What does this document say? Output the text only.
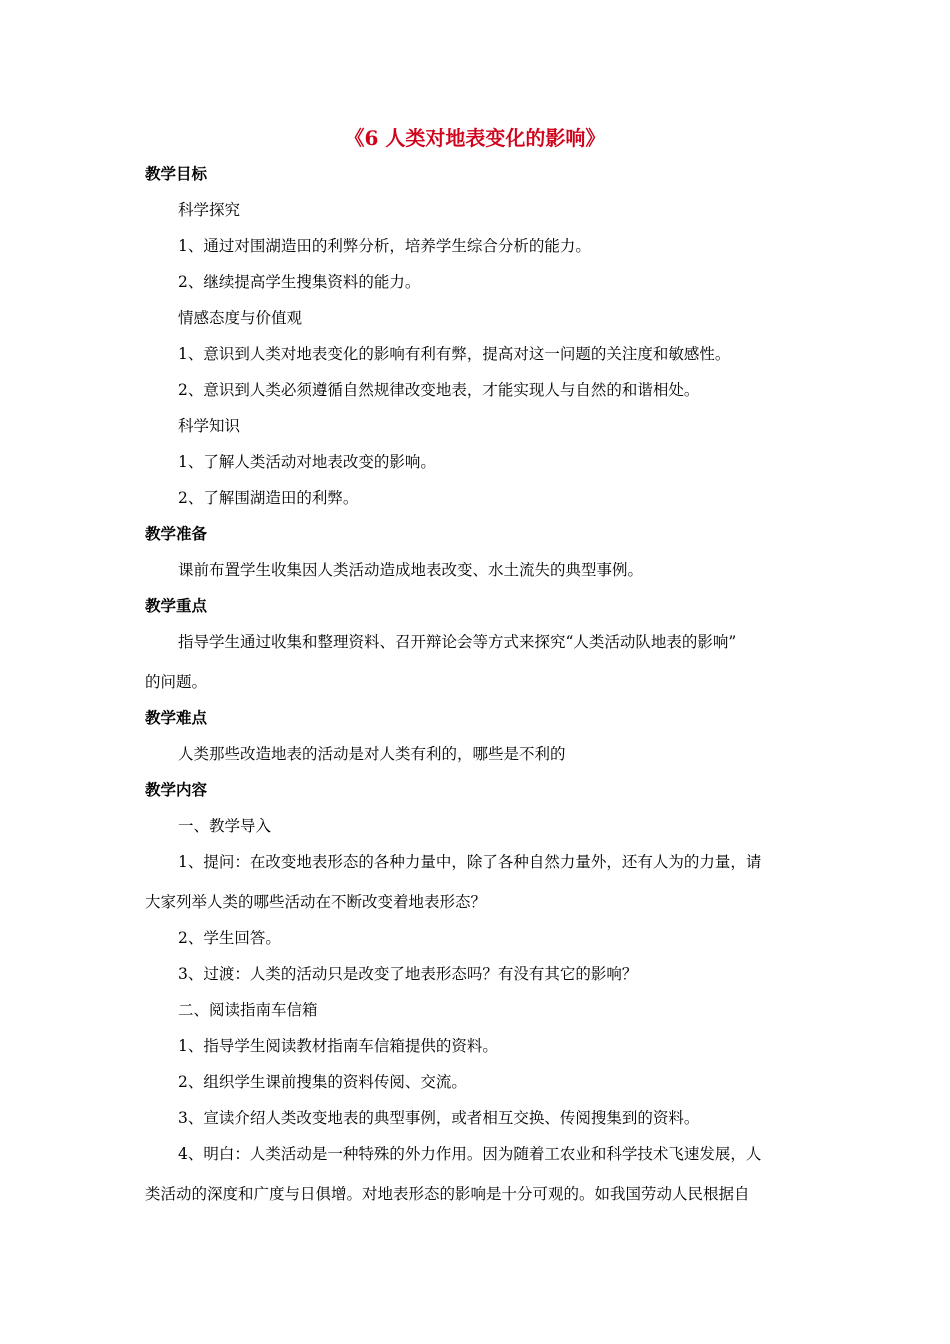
《6 人类对地表变化的影响》
教学目标
科学探究
1、通过对围湖造田的利弊分析，培养学生综合分析的能力。
2、继续提高学生搜集资料的能力。
情感态度与价值观
1、意识到人类对地表变化的影响有利有弊，提高对这一问题的关注度和敏感性。
2、意识到人类必须遵循自然规律改变地表，才能实现人与自然的和谐相处。
科学知识
1、了解人类活动对地表改变的影响。
2、了解围湖造田的利弊。
教学准备
课前布置学生收集因人类活动造成地表改变、水土流失的典型事例。
教学重点
指导学生通过收集和整理资料、召开辩论会等方式来探究“人类活动队地表的影响”
的问题。
教学难点
人类那些改造地表的活动是对人类有利的，哪些是不利的
教学内容
一、教学导入
1、提问：在改变地表形态的各种力量中，除了各种自然力量外，还有人为的力量，请
大家列举人类的哪些活动在不断改变着地表形态？
2、学生回答。
3、过渡：人类的活动只是改变了地表形态吗？有没有其它的影响？
二、阅读指南车信箱
1、指导学生阅读教材指南车信箱提供的资料。
2、组织学生课前搜集的资料传阅、交流。
3、宣读介绍人类改变地表的典型事例，或者相互交换、传阅搜集到的资料。
4、明白：人类活动是一种特殊的外力作用。因为随着工农业和科学技术飞速发展，人
类活动的深度和广度与日俱增。对地表形态的影响是十分可观的。如我国劳动人民根据自
